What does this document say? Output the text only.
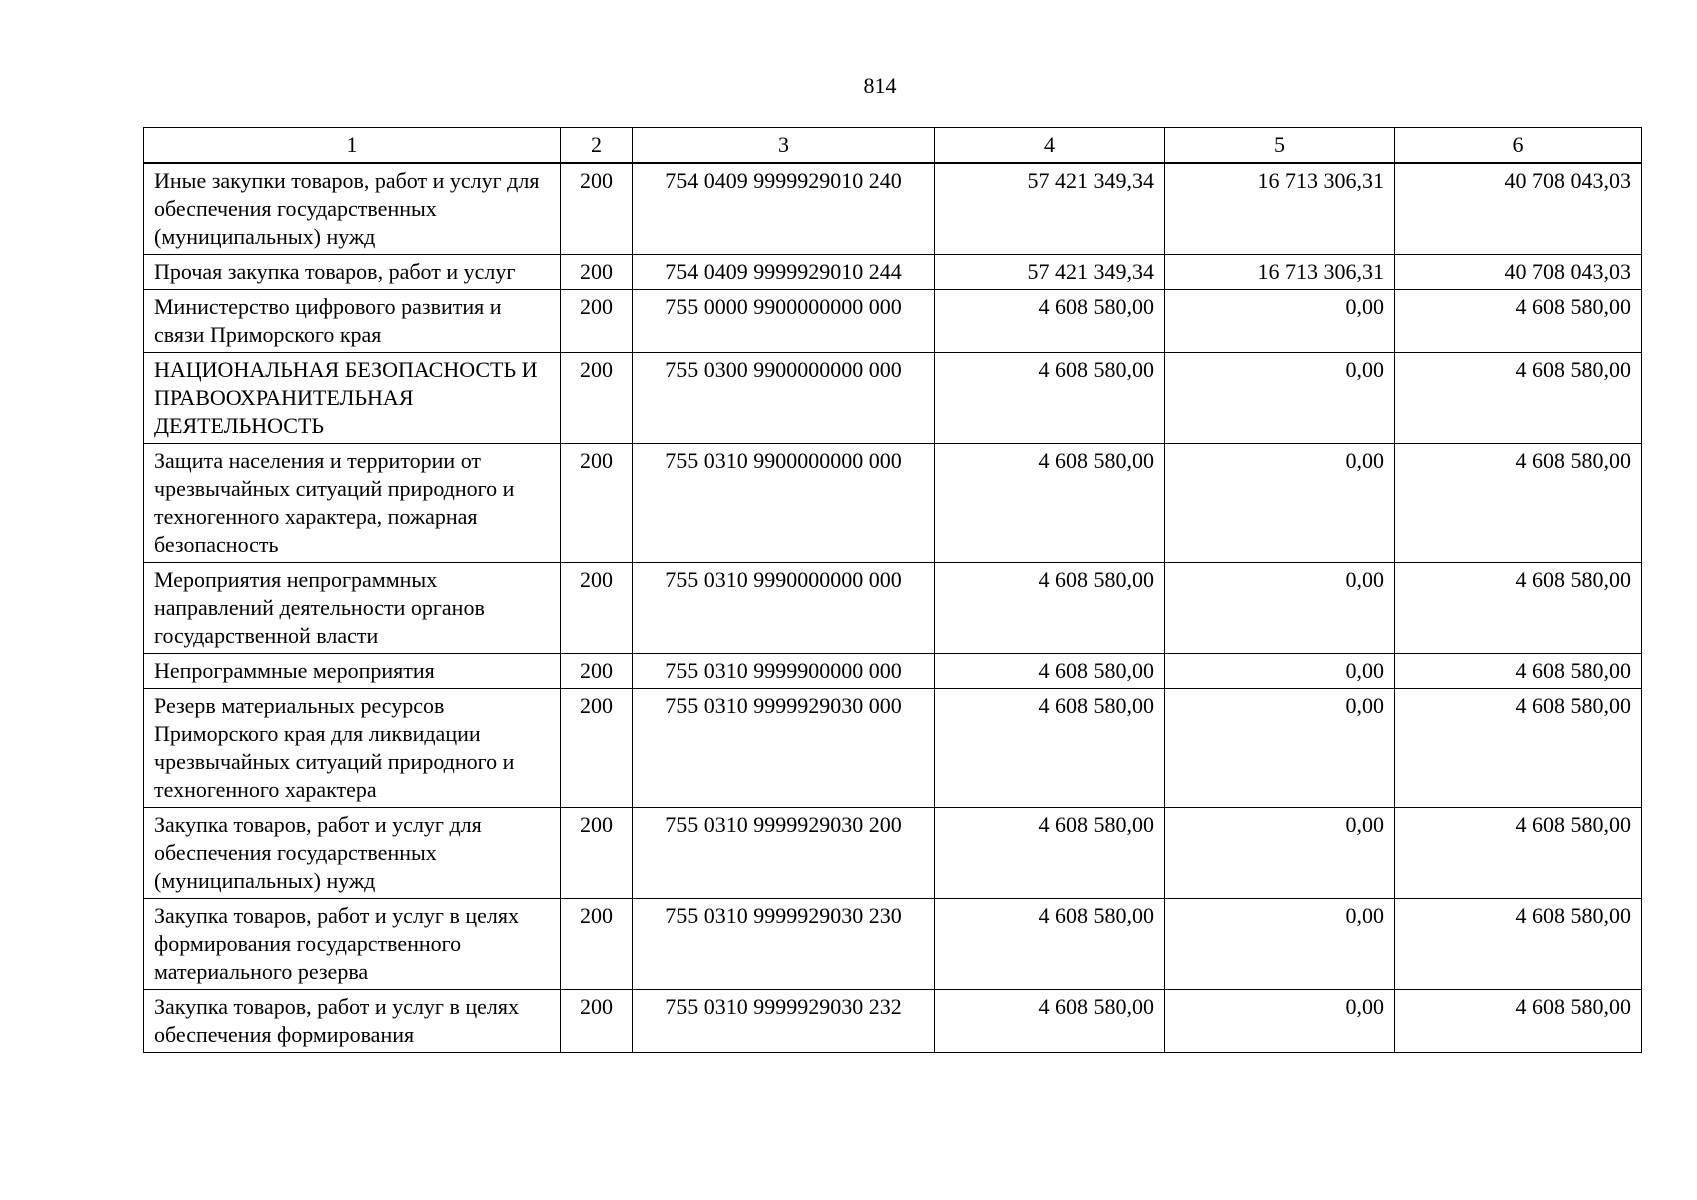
814
1	2	3	4	5	6
Иные закупки товаров, работ и услуг для обеспечения государственных (муниципальных) нужд	200	754 0409 9999929010 240	57 421 349,34	16 713 306,31	40 708 043,03
Прочая закупка товаров, работ и услуг	200	754 0409 9999929010 244	57 421 349,34	16 713 306,31	40 708 043,03
Министерство цифрового развития и связи Приморского края	200	755 0000 9900000000 000	4 608 580,00	0,00	4 608 580,00
НАЦИОНАЛЬНАЯ БЕЗОПАСНОСТЬ И ПРАВООХРАНИТЕЛЬНАЯ ДЕЯТЕЛЬНОСТЬ	200	755 0300 9900000000 000	4 608 580,00	0,00	4 608 580,00
Защита населения и территории от чрезвычайных ситуаций природного и техногенного характера, пожарная безопасность	200	755 0310 9900000000 000	4 608 580,00	0,00	4 608 580,00
Мероприятия непрограммных направлений деятельности органов государственной власти	200	755 0310 9990000000 000	4 608 580,00	0,00	4 608 580,00
Непрограммные мероприятия	200	755 0310 9999900000 000	4 608 580,00	0,00	4 608 580,00
Резерв материальных ресурсов Приморского края для ликвидации чрезвычайных ситуаций природного и техногенного характера	200	755 0310 9999929030 000	4 608 580,00	0,00	4 608 580,00
Закупка товаров, работ и услуг для обеспечения государственных (муниципальных) нужд	200	755 0310 9999929030 200	4 608 580,00	0,00	4 608 580,00
Закупка товаров, работ и услуг в целях формирования государственного материального резерва	200	755 0310 9999929030 230	4 608 580,00	0,00	4 608 580,00
Закупка товаров, работ и услуг в целях обеспечения формирования	200	755 0310 9999929030 232	4 608 580,00	0,00	4 608 580,00
